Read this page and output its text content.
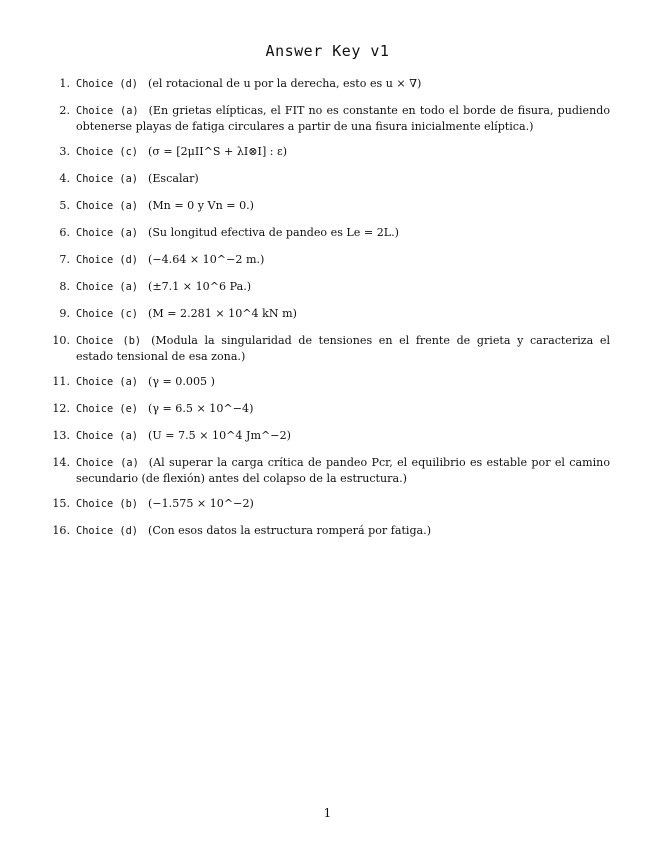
Answer Key v1
1. Choice (d) (el rotacional de u por la derecha, esto es u × ∇)
2. Choice (a) (En grietas elípticas, el FIT no es constante en todo el borde de fisura, pudiendo obtenerse playas de fatiga circulares a partir de una fisura inicialmente elíptica.)
3. Choice (c) (σ = [2μII^S + λI⊗I] : ε)
4. Choice (a) (Escalar)
5. Choice (a) (Mn = 0 y Vn = 0.)
6. Choice (a) (Su longitud efectiva de pandeo es Le = 2L.)
7. Choice (d) (−4.64 × 10^−2 m.)
8. Choice (a) (±7.1 × 10^6 Pa.)
9. Choice (c) (M = 2.281 × 10^4 kN m)
10. Choice (b) (Modula la singularidad de tensiones en el frente de grieta y caracteriza el estado tensional de esa zona.)
11. Choice (a) (γ = 0.005 )
12. Choice (e) (γ = 6.5 × 10^−4)
13. Choice (a) (U = 7.5 × 10^4 Jm^−2)
14. Choice (a) (Al superar la carga crítica de pandeo Pcr, el equilibrio es estable por el camino secundario (de flexión) antes del colapso de la estructura.)
15. Choice (b) (−1.575 × 10^−2)
16. Choice (d) (Con esos datos la estructura romperá por fatiga.)
1
